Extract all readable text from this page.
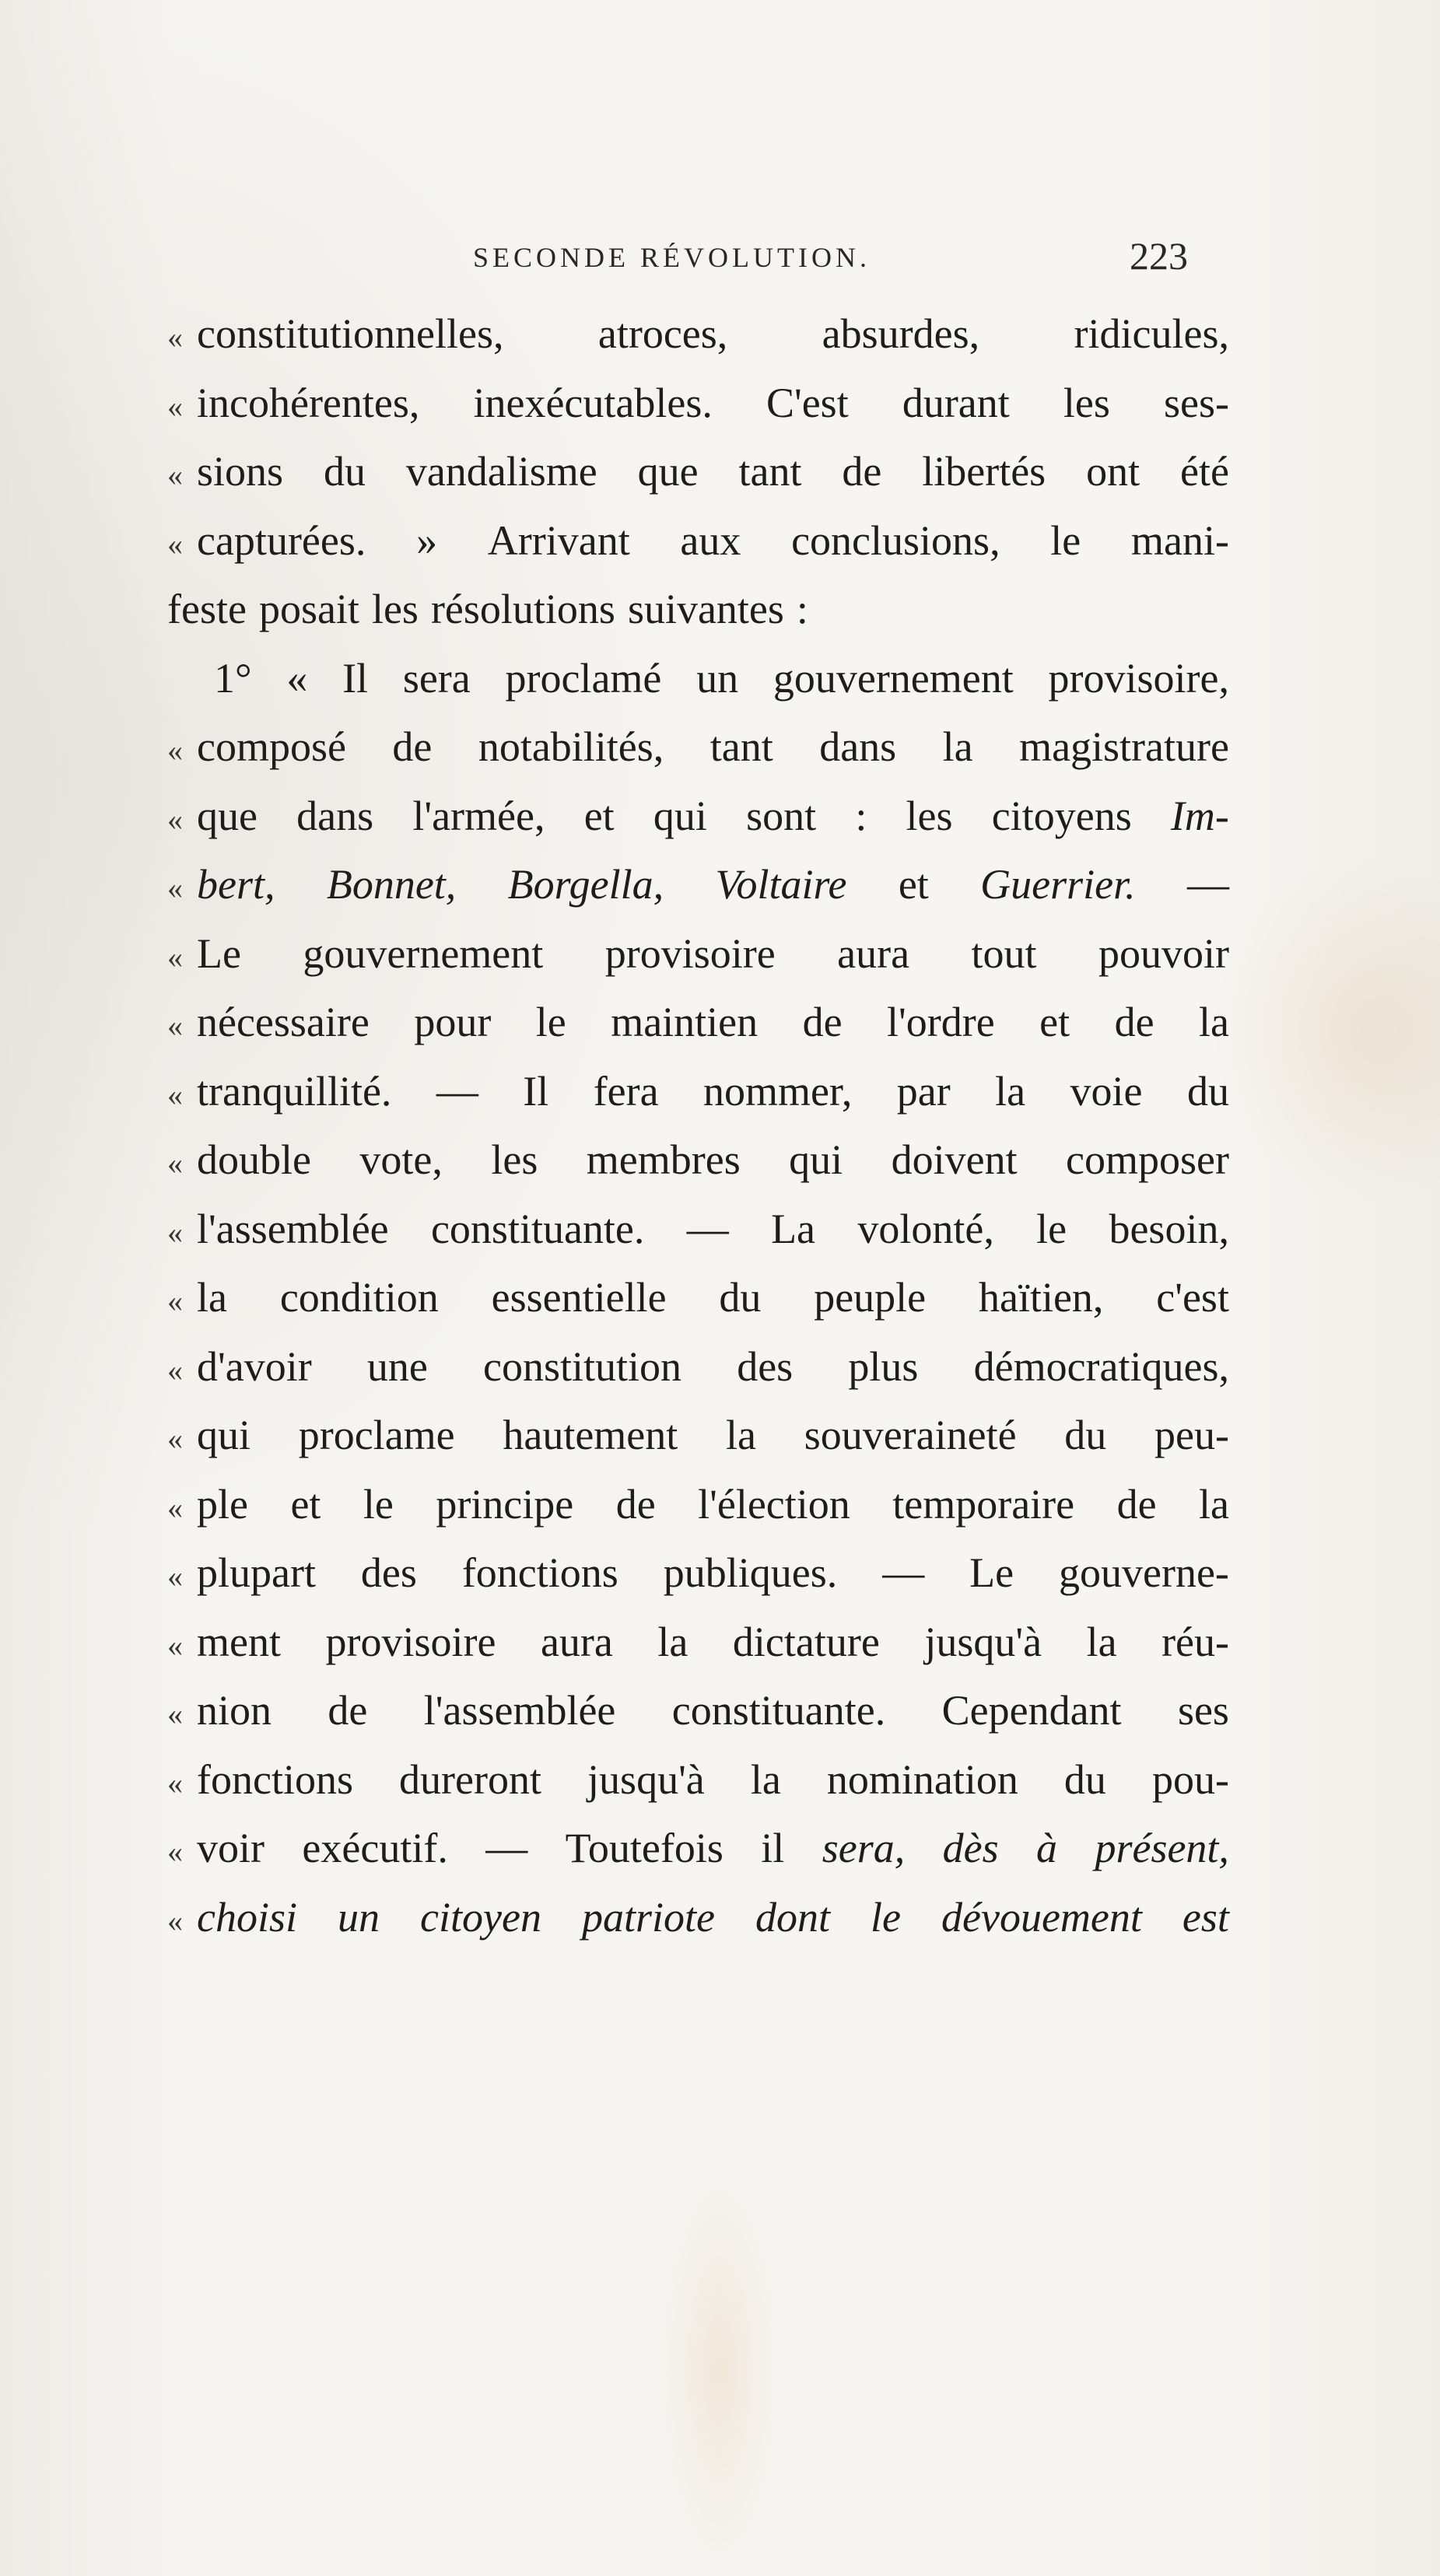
SECONDE RÉVOLUTION.	223
« constitutionnelles, atroces, absurdes, ridicules,
« incohérentes, inexécutables. C'est durant les ses-
« sions du vandalisme que tant de libertés ont été
« capturées. » Arrivant aux conclusions, le mani-
feste posait les résolutions suivantes :
1° « Il sera proclamé un gouvernement provisoire,
« composé de notabilités, tant dans la magistrature
« que dans l'armée, et qui sont : les citoyens Im-
« bert, Bonnet, Borgella, Voltaire et Guerrier. —
« Le gouvernement provisoire aura tout pouvoir
« nécessaire pour le maintien de l'ordre et de la
« tranquillité. — Il fera nommer, par la voie du
« double vote, les membres qui doivent composer
« l'assemblée constituante. — La volonté, le besoin,
« la condition essentielle du peuple haïtien, c'est
« d'avoir une constitution des plus démocratiques,
« qui proclame hautement la souveraineté du peu-
« ple et le principe de l'élection temporaire de la
« plupart des fonctions publiques. — Le gouverne-
« ment provisoire aura la dictature jusqu'à la réu-
« nion de l'assemblée constituante. Cependant ses
« fonctions dureront jusqu'à la nomination du pou-
« voir exécutif. — Toutefois il sera, dès à présent,
« choisi un citoyen patriote dont le dévouement est
